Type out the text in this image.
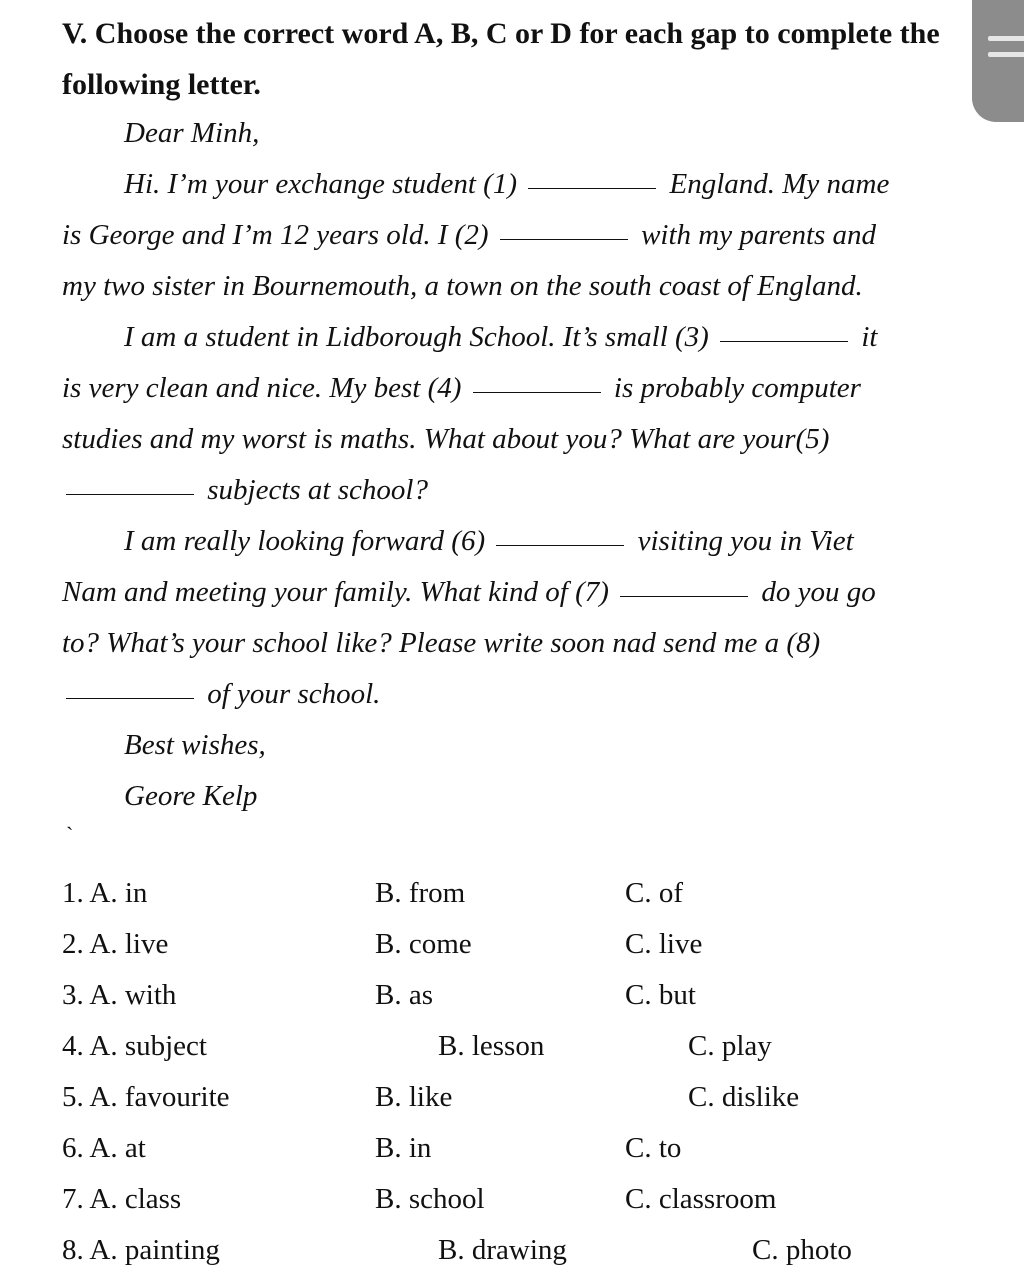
V. Choose the correct word A, B, C or D for each gap to complete the following letter.

Dear Minh,

Hi. I’m your exchange student (1)	England. My name is George and I’m 12 years old. I (2)	with my parents and my two sister in Bournemouth, a town on the south coast of England.

I am a student in Lidborough School. It’s small (3)	it is very clean and nice. My best (4)	is probably computer studies and my worst is maths. What about you? What are your(5)  subjects at school?

I am really looking forward (6)	visiting you in Viet Nam and meeting your family. What kind of (7)	do you go to? What’s your school like? Please write soon nad send me a (8)  of your school.

Best wishes,

Geore Kelp

`
1. A. in	B. from	C. of
2. A. live	B. come	C. live
3. A. with	B. as	C. but
4. A. subject	B. lesson	C. play
5. A. favourite	B. like	C. dislike
6. A. at	B. in	C. to
7. A. class	B. school	C. classroom
8. A. painting	B. drawing	C. photo
